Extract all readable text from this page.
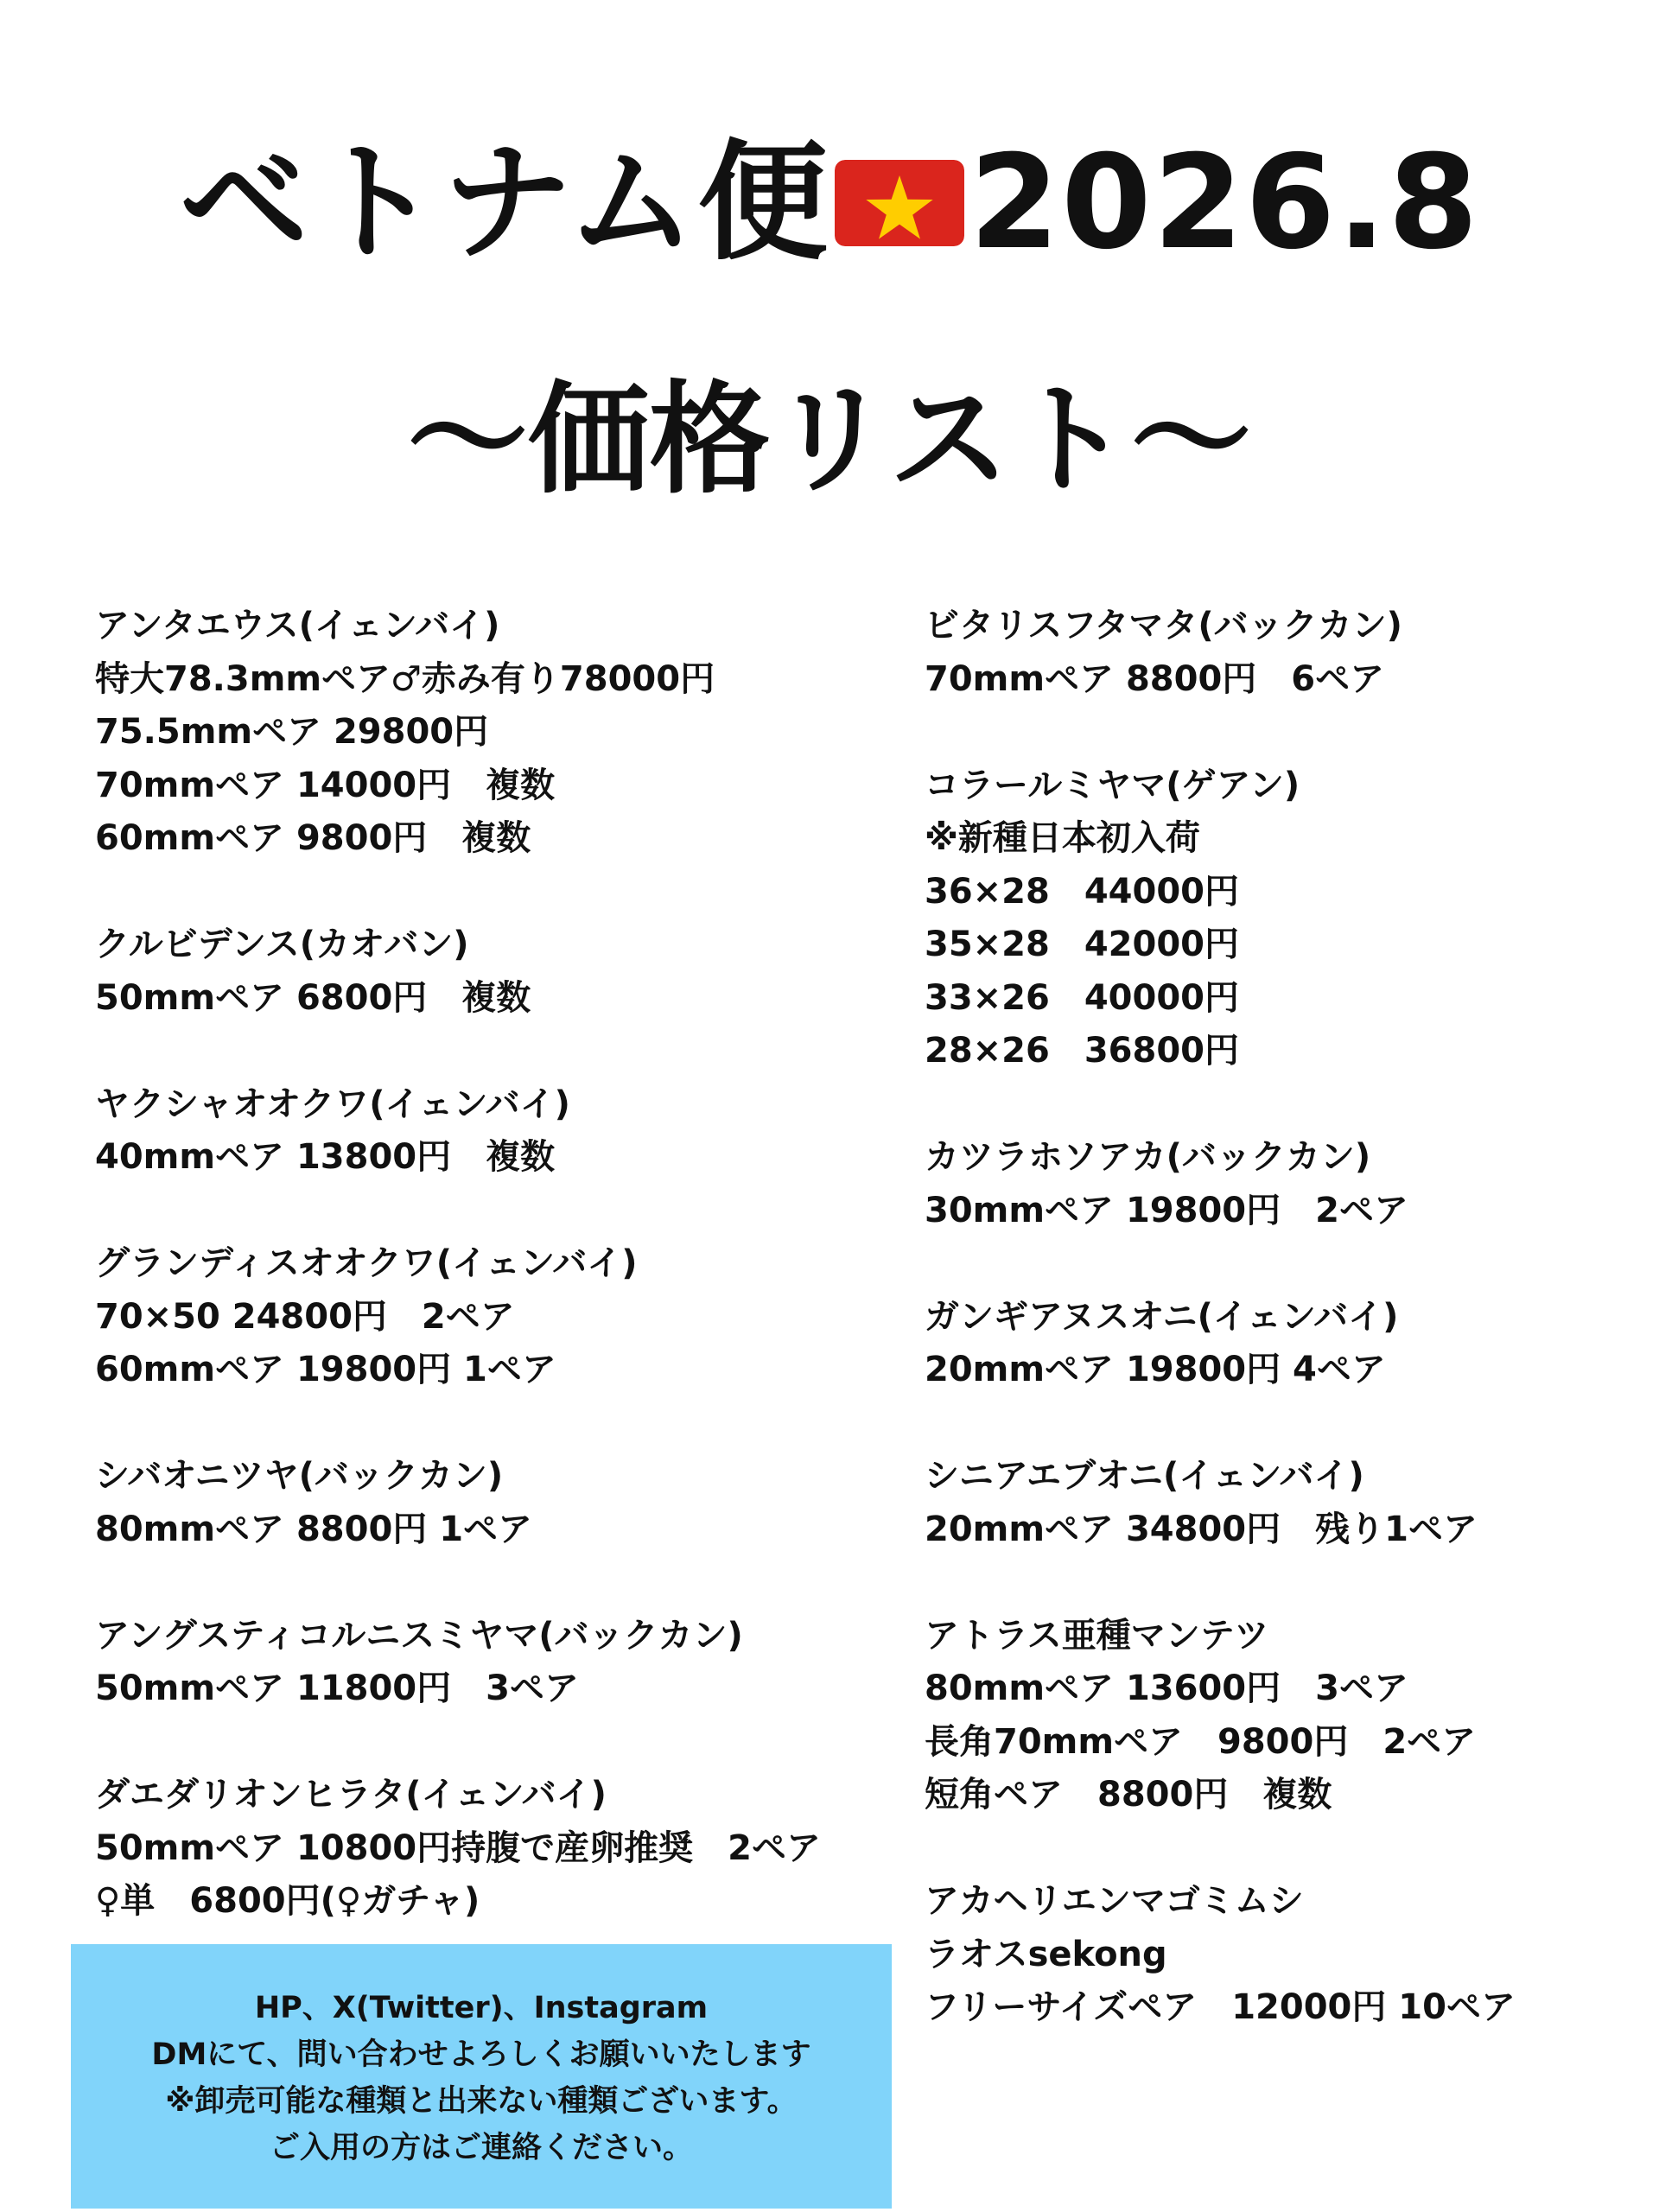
ベトナム便 2026.8
〜価格リスト〜
アンタエウス(イェンバイ)
特大78.3mmペア♂赤み有り78000円
75.5mmペア 29800円
70mmペア 14000円　複数
60mmペア 9800円　複数
クルビデンス(カオバン)
50mmペア 6800円　複数
ヤクシャオオクワ(イェンバイ)
40mmペア 13800円　複数
グランディスオオクワ(イェンバイ)
70×50 24800円　2ペア
60mmペア 19800円 1ペア
シバオニツヤ(バックカン)
80mmペア 8800円 1ペア
アングスティコルニスミヤマ(バックカン)
50mmペア 11800円　3ペア
ダエダリオンヒラタ(イェンバイ)
50mmペア 10800円持腹で産卵推奨　2ペア
♀単　6800円(♀ガチャ)
ビタリスフタマタ(バックカン)
70mmペア 8800円　6ペア
コラールミヤマ(ゲアン)
※新種日本初入荷
36×28　44000円
35×28　42000円
33×26　40000円
28×26　36800円
カツラホソアカ(バックカン)
30mmペア 19800円　2ペア
ガンギアヌスオニ(イェンバイ)
20mmペア 19800円 4ペア
シニアエブオニ(イェンバイ)
20mmペア 34800円　残り1ペア
アトラス亜種マンテツ
80mmペア 13600円　3ペア
長角70mmペア　9800円　2ペア
短角ペア　8800円　複数
アカヘリエンマゴミムシ
ラオスsekong
フリーサイズペア　12000円 10ペア
HP、X(Twitter)、Instagram
DMにて、問い合わせよろしくお願いいたします
※卸売可能な種類と出来ない種類ございます。
ご入用の方はご連絡ください。
